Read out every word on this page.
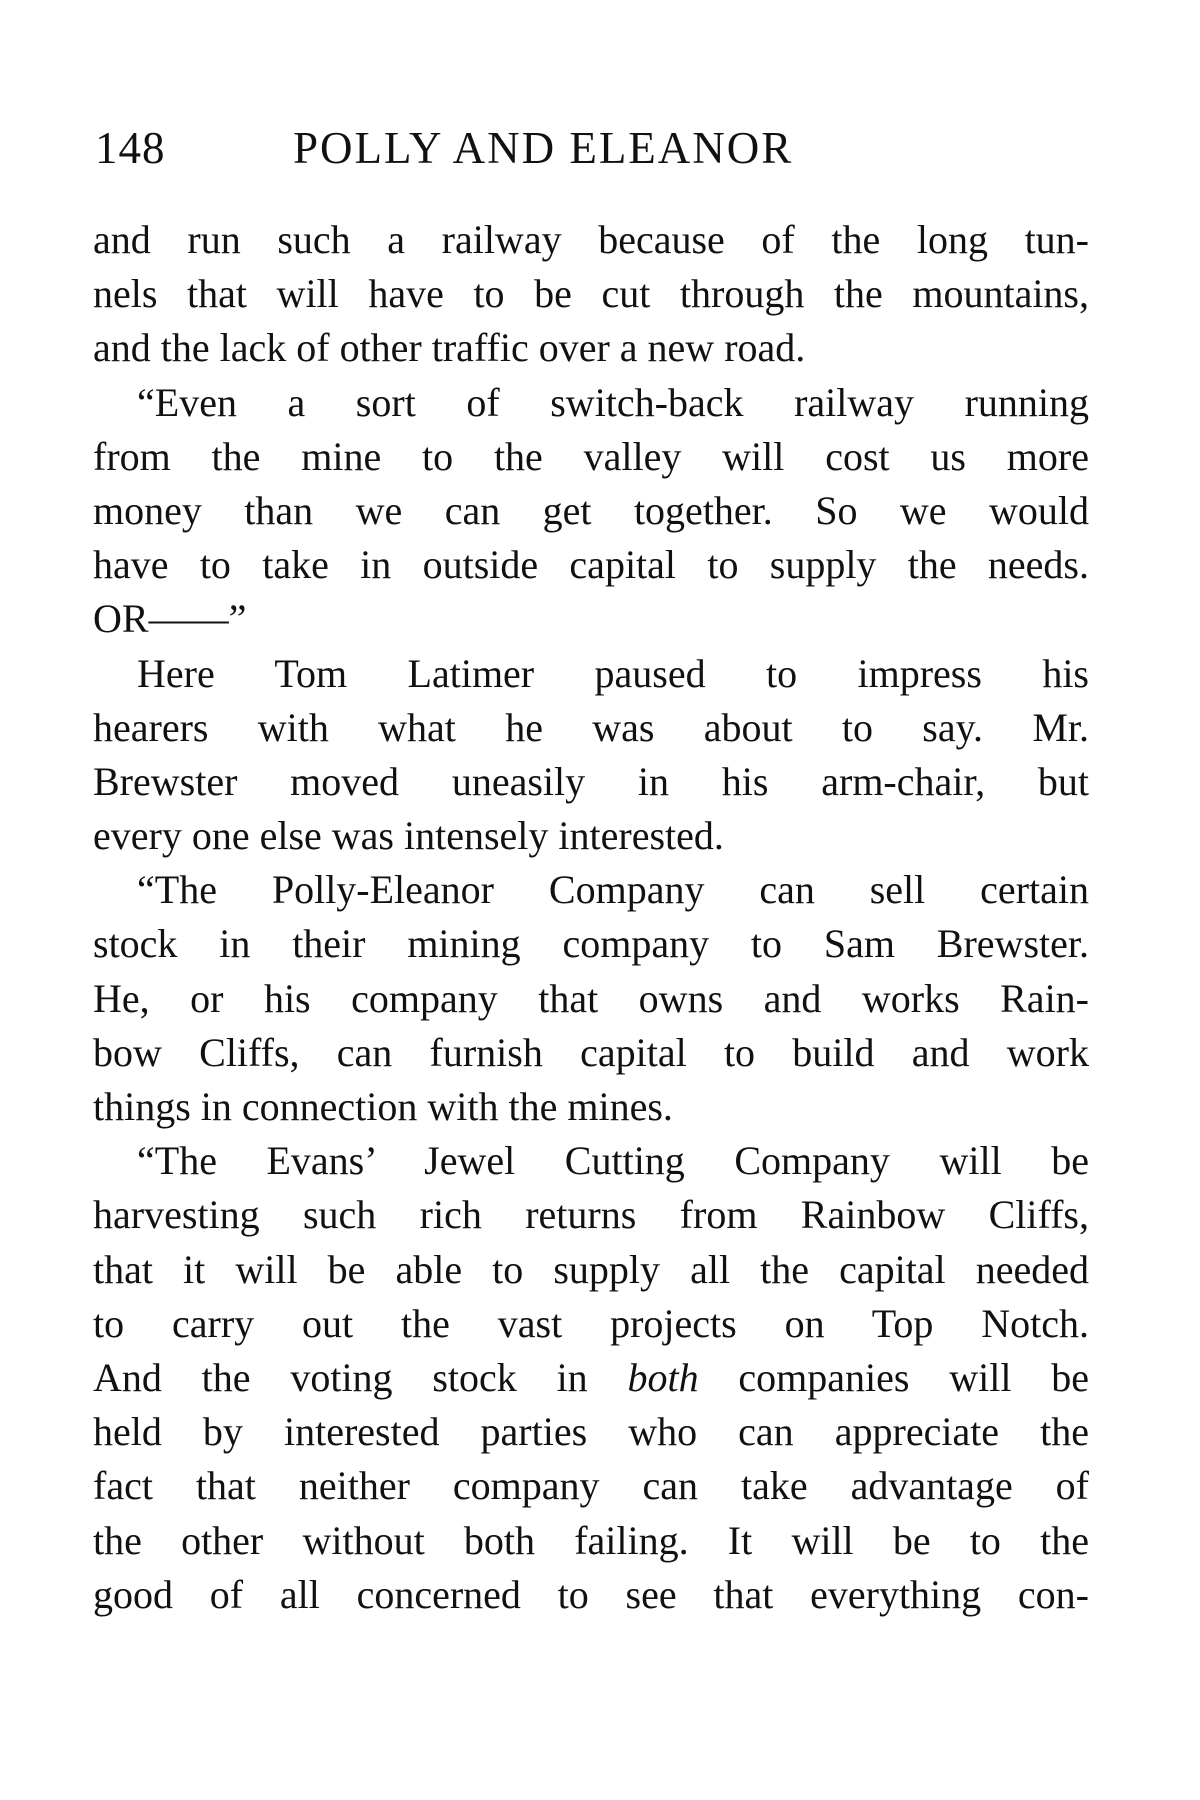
148	POLLY AND ELEANOR
and run such a railway because of the long tun-
nels that will have to be cut through the mountains,
and the lack of other traffic over a new road.
“Even a sort of switch-back railway running
from the mine to the valley will cost us more
money than we can get together. So we would
have to take in outside capital to supply the needs.
OR——”
Here Tom Latimer paused to impress his
hearers with what he was about to say. Mr.
Brewster moved uneasily in his arm-chair, but
every one else was intensely interested.
“The Polly-Eleanor Company can sell certain
stock in their mining company to Sam Brewster.
He, or his company that owns and works Rain-
bow Cliffs, can furnish capital to build and work
things in connection with the mines.
“The Evans’ Jewel Cutting Company will be
harvesting such rich returns from Rainbow Cliffs,
that it will be able to supply all the capital needed
to carry out the vast projects on Top Notch.
And the voting stock in both companies will be
held by interested parties who can appreciate the
fact that neither company can take advantage of
the other without both failing. It will be to the
good of all concerned to see that everything con-
